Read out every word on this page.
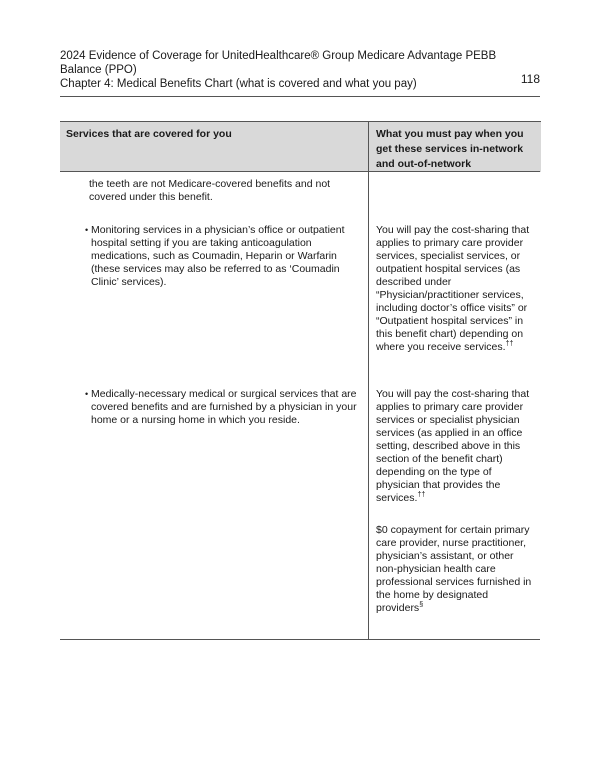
2024 Evidence of Coverage for UnitedHealthcare® Group Medicare Advantage PEBB Balance (PPO)
Chapter 4: Medical Benefits Chart (what is covered and what you pay)	118
Services that are covered for you	What you must pay when you get these services in-network and out-of-network
the teeth are not Medicare-covered benefits and not covered under this benefit.
• Monitoring services in a physician’s office or outpatient hospital setting if you are taking anticoagulation medications, such as Coumadin, Heparin or Warfarin (these services may also be referred to as ‘Coumadin Clinic’ services).
You will pay the cost-sharing that applies to primary care provider services, specialist services, or outpatient hospital services (as described under “Physician/practitioner services, including doctor’s office visits” or “Outpatient hospital services” in this benefit chart) depending on where you receive services.††
• Medically-necessary medical or surgical services that are covered benefits and are furnished by a physician in your home or a nursing home in which you reside.
You will pay the cost-sharing that applies to primary care provider services or specialist physician services (as applied in an office setting, described above in this section of the benefit chart) depending on the type of physician that provides the services.††
$0 copayment for certain primary care provider, nurse practitioner, physician’s assistant, or other non-physician health care professional services furnished in the home by designated providers§
